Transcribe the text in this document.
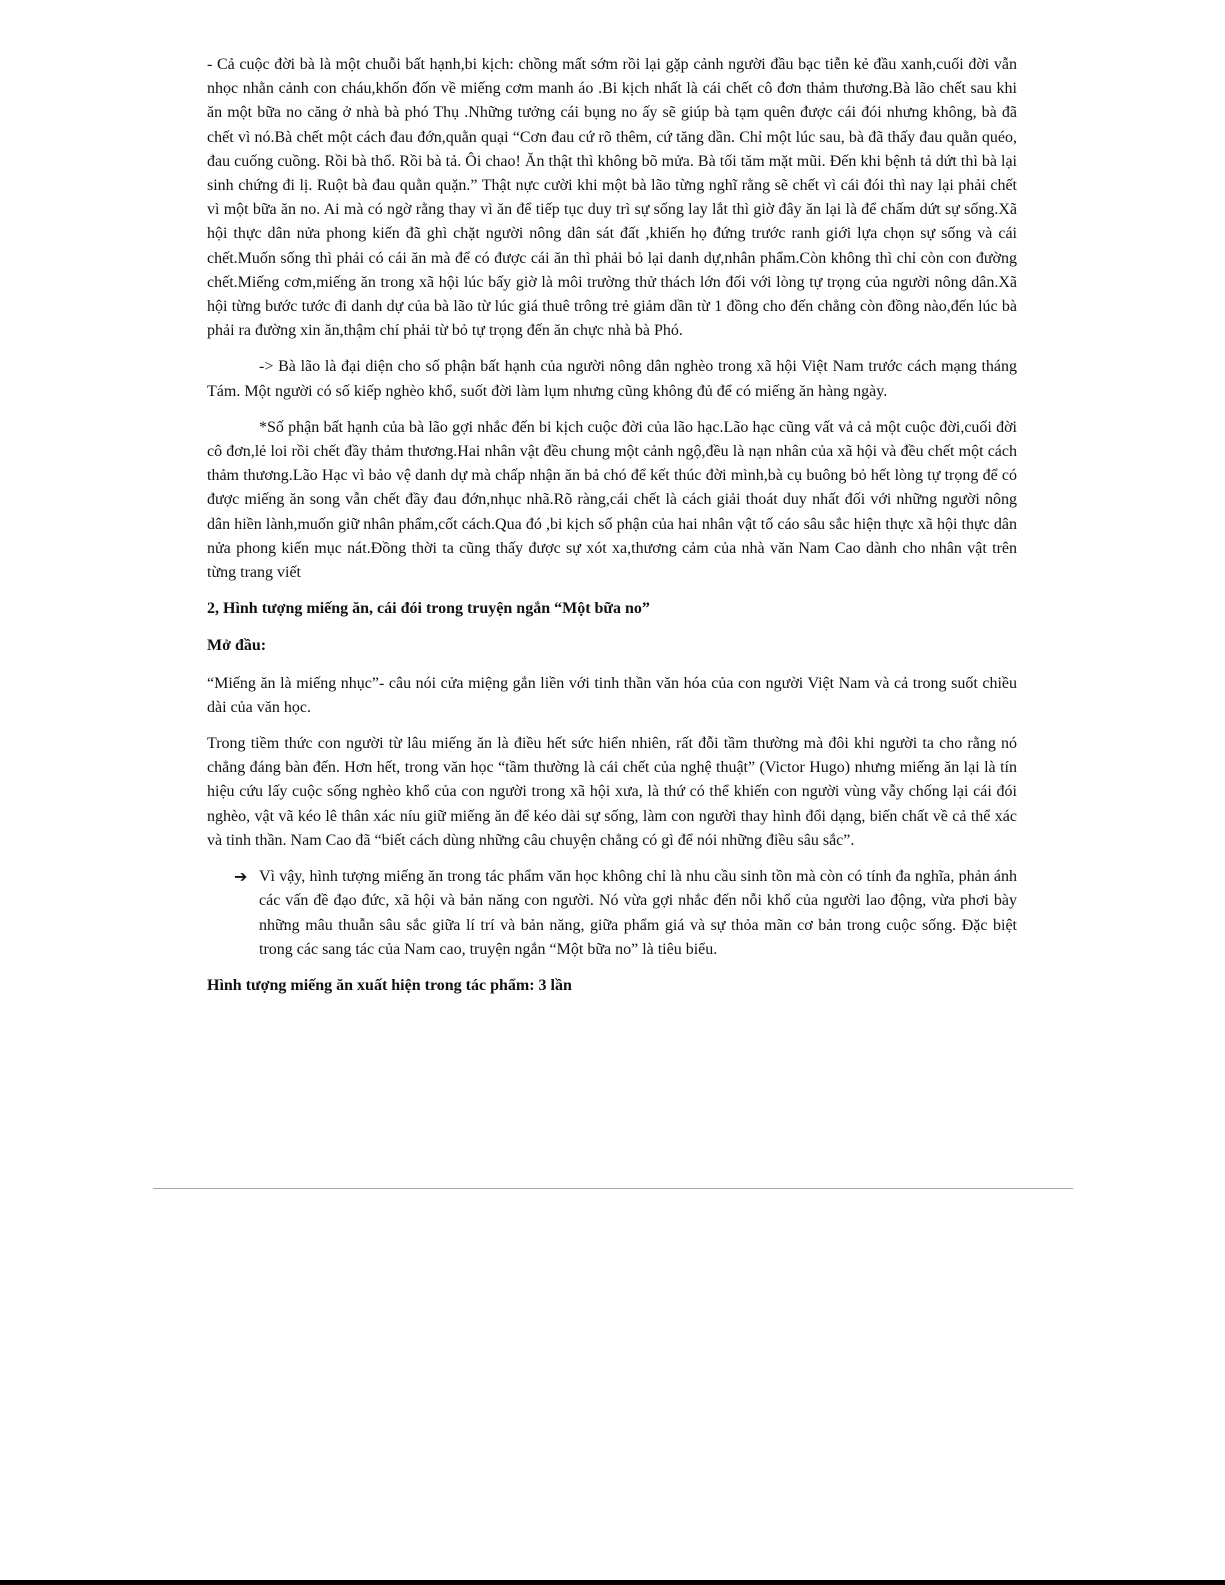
- Cả cuộc đời bà là một chuỗi bất hạnh,bi kịch: chồng mất sớm rồi lại gặp cảnh người đầu bạc tiễn kẻ đầu xanh,cuối đời vẫn nhọc nhằn cảnh con cháu,khốn đốn về miếng cơm manh áo .Bi kịch nhất là cái chết cô đơn thảm thương.Bà lão chết sau khi ăn một bữa no căng ở nhà bà phó Thụ .Những tưởng cái bụng no ấy sẽ giúp bà tạm quên được cái đói nhưng không, bà đã chết vì nó.Bà chết một cách đau đớn,quằn quại “Cơn đau cứ rõ thêm, cứ tăng dần. Chỉ một lúc sau, bà đã thấy đau quằn quéo, đau cuống cuồng. Rồi bà thổ. Rồi bà tả. Ôi chao! Ăn thật thì không bõ mửa. Bà tối tăm mặt mũi. Đến khi bệnh tả dứt thì bà lại sinh chứng đi lị. Ruột bà đau quằn quặn.” Thật nực cười khi một bà lão từng nghĩ rằng sẽ chết vì cái đói thì nay lại phải chết vì một bữa ăn no. Ai mà có ngờ rằng thay vì ăn để tiếp tục duy trì sự sống lay lắt thì giờ đây ăn lại là để chấm dứt sự sống.Xã hội thực dân nửa phong kiến đã ghì chặt người nông dân sát đất ,khiến họ đứng trước ranh giới lựa chọn sự sống và cái chết.Muốn sống thì phải có cái ăn mà để có được cái ăn thì phải bỏ lại danh dự,nhân phẩm.Còn không thì chỉ còn con đường chết.Miếng cơm,miếng ăn trong xã hội lúc bấy giờ là môi trường thử thách lớn đối với lòng tự trọng của người nông dân.Xã hội từng bước tước đi danh dự của bà lão từ lúc giá thuê trông trẻ giảm dần từ 1 đồng cho đến chẳng còn đồng nào,đến lúc bà phải ra đường xin ăn,thậm chí phải từ bỏ tự trọng đến ăn chực nhà bà Phó.

-> Bà lão là đại diện cho số phận bất hạnh của người nông dân nghèo trong xã hội Việt Nam trước cách mạng tháng Tám. Một người có số kiếp nghèo khổ, suốt đời làm lụm nhưng cũng không đủ để có miếng ăn hàng ngày.

*Số phận bất hạnh của bà lão gợi nhắc đến bi kịch cuộc đời của lão hạc.Lão hạc cũng vất vả cả một cuộc đời,cuối đời cô đơn,lẻ loi rồi chết đầy thảm thương.Hai nhân vật đều chung một cảnh ngộ,đều là nạn nhân của xã hội và đều chết một cách thảm thương.Lão Hạc vì bảo vệ danh dự mà chấp nhận ăn bả chó để kết thúc đời mình,bà cụ buông bỏ hết lòng tự trọng để có được miếng ăn song vẫn chết đầy đau đớn,nhục nhã.Rõ ràng,cái chết là cách giải thoát duy nhất đối với những người nông dân hiền lành,muốn giữ nhân phẩm,cốt cách.Qua đó ,bi kịch số phận của hai nhân vật tố cáo sâu sắc hiện thực xã hội thực dân nửa phong kiến mục nát.Đồng thời ta cũng thấy được sự xót xa,thương cảm của nhà văn Nam Cao dành cho nhân vật trên từng trang viết

2, Hình tượng miếng ăn, cái đói trong truyện ngắn “Một bữa no”

Mở đầu:

“Miếng ăn là miếng nhục”- câu nói cửa miệng gắn liền với tinh thần văn hóa của con người Việt Nam và cả trong suốt chiều dài của văn học.

Trong tiềm thức con người từ lâu miếng ăn là điều hết sức hiển nhiên, rất đỗi tầm thường mà đôi khi người ta cho rằng nó chẳng đáng bàn đến. Hơn hết, trong văn học “tầm thường là cái chết của nghệ thuật” (Victor Hugo) nhưng miếng ăn lại là tín hiệu cứu lấy cuộc sống nghèo khổ của con người trong xã hội xưa, là thứ có thể khiến con người vùng vẫy chống lại cái đói nghèo, vật vã kéo lê thân xác níu giữ miếng ăn để kéo dài sự sống, làm con người thay hình đổi dạng, biến chất về cả thể xác và tinh thần. Nam Cao đã “biết cách dùng những câu chuyện chẳng có gì để nói những điều sâu sắc”.

➔ Vì vậy, hình tượng miếng ăn trong tác phẩm văn học không chỉ là nhu cầu sinh tồn mà còn có tính đa nghĩa, phản ánh các vấn đề đạo đức, xã hội và bản năng con người. Nó vừa gợi nhắc đến nỗi khổ của người lao động, vừa phơi bày những mâu thuẫn sâu sắc giữa lí trí và bản năng, giữa phẩm giá và sự thỏa mãn cơ bản trong cuộc sống. Đặc biệt trong các sang tác của Nam cao, truyện ngắn “Một bữa no” là tiêu biểu.

Hình tượng miếng ăn xuất hiện trong tác phẩm: 3 lần
